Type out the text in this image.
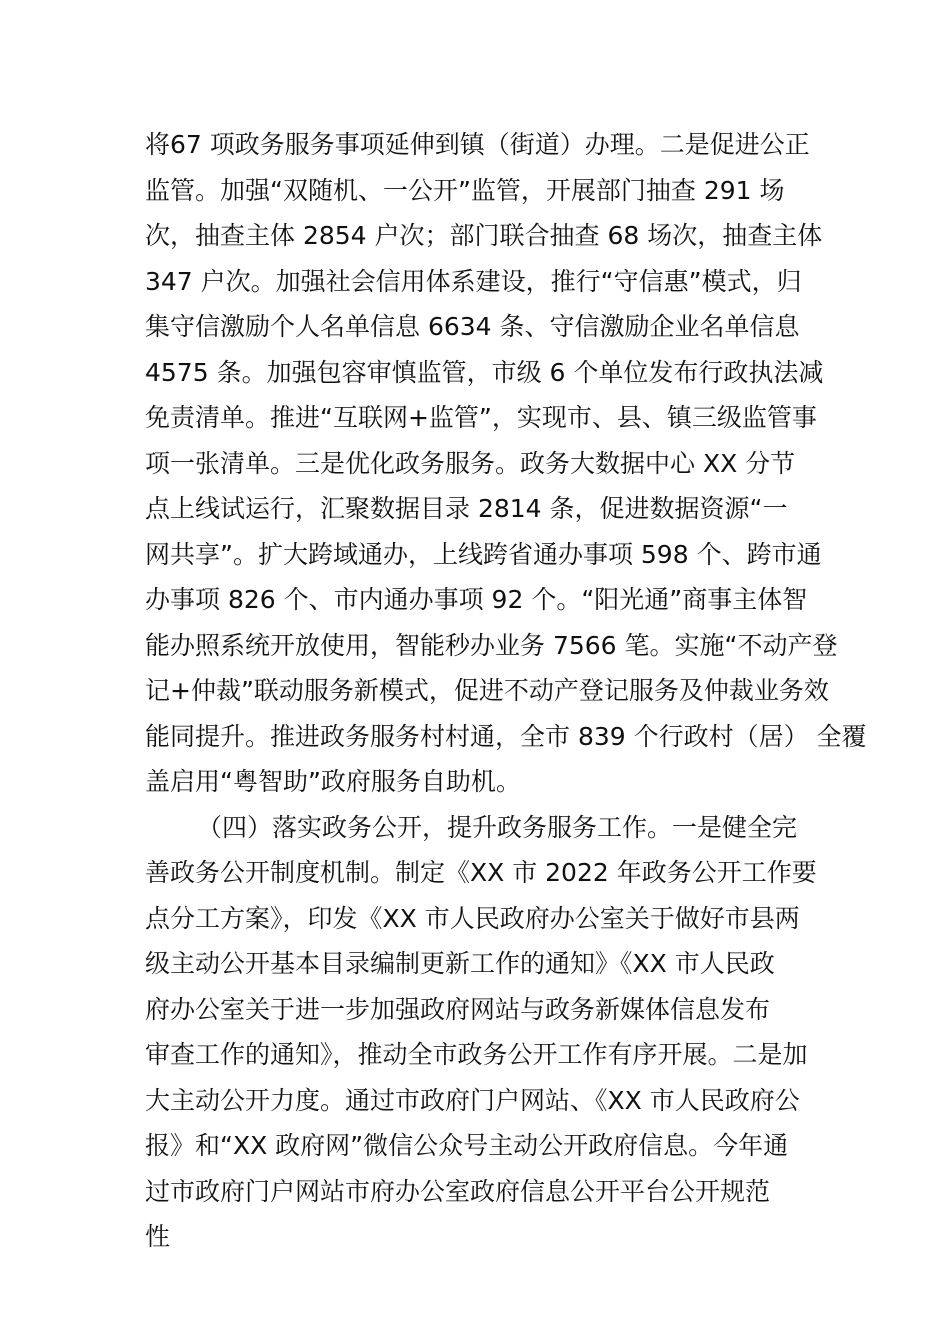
将67 项政务服务事项延伸到镇（街道）办理。二是促进公正
监管。加强“双随机、一公开”监管，开展部门抽查 291 场
次，抽查主体 2854 户次；部门联合抽查 68 场次，抽查主体
347 户次。加强社会信用体系建设，推行“守信惠”模式，归
集守信激励个人名单信息 6634 条、守信激励企业名单信息
4575 条。加强包容审慎监管，市级 6 个单位发布行政执法减
免责清单。推进“互联网+监管”，实现市、县、镇三级监管事
项一张清单。三是优化政务服务。政务大数据中心 XX 分节
点上线试运行，汇聚数据目录 2814 条，促进数据资源“一
网共享”。扩大跨域通办，上线跨省通办事项 598 个、跨市通
办事项 826 个、市内通办事项 92 个。“阳光通”商事主体智
能办照系统开放使用，智能秒办业务 7566 笔。实施“不动产登
记+仲裁”联动服务新模式，促进不动产登记服务及仲裁业务效
能同提升。推进政务服务村村通，全市 839 个行政村（居） 全覆
盖启用“粤智助”政府服务自助机。
（四）落实政务公开，提升政务服务工作。一是健全完
善政务公开制度机制。制定《XX 市 2022 年政务公开工作要
点分工方案》，印发《XX 市人民政府办公室关于做好市县两
级主动公开基本目录编制更新工作的通知》《XX 市人民政
府办公室关于进一步加强政府网站与政务新媒体信息发布
审查工作的通知》，推动全市政务公开工作有序开展。二是加
大主动公开力度。通过市政府门户网站、《XX 市人民政府公
报》和“XX 政府网”微信公众号主动公开政府信息。今年通
过市政府门户网站市府办公室政府信息公开平台公开规范
性
